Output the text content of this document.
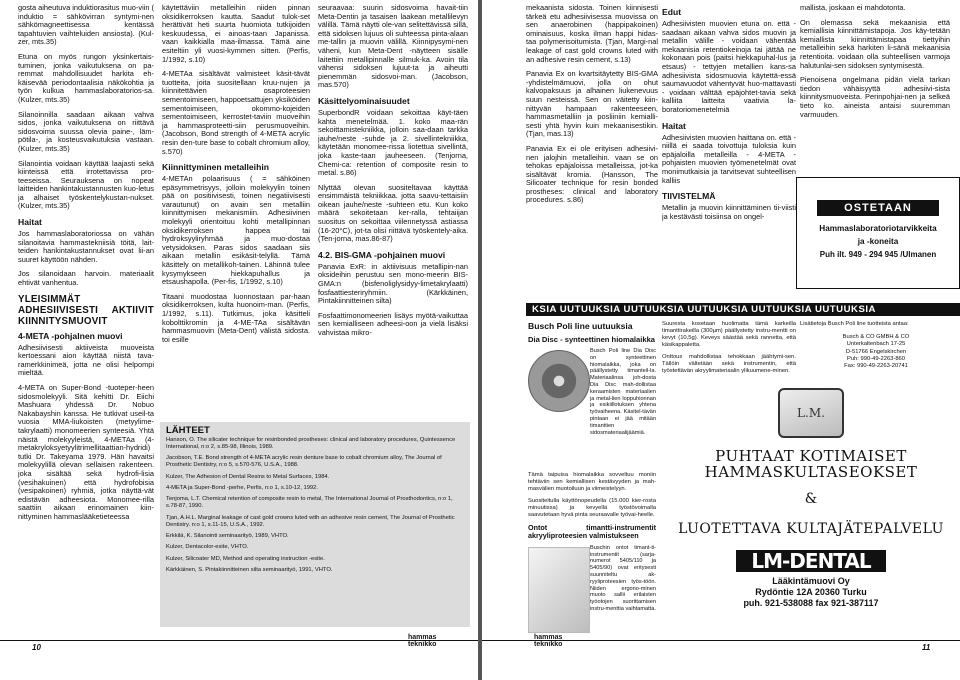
gosta aiheutuva induktiorasitus muo-viin ( induktio = sähkövirran syntymi-nen sähkömagneettisessa kentässä tapahtuvien vaihteluiden ansiosta). (Kul-zer, mts.35)

Etuna on myös rungon yksinkertais-tuminen, jonka vaikutuksena on pa-remmat mahdollisuudet harkita eh-käisevää periodontaalisia näkökohtia ja työn kulkua hammaslaboratorios-sa. (Kulzer, mts.35)

Silanoinnilla saadaan aikaan vahva sidos, jonka vaikutuksena on riittävä sidosvoima suussa olevia paine-, läm-pötila-, ja kosteusvaikutuksia vastaan. (Kulzer, mts.35)

Silanointia voidaan käyttää laajasti sekä kiinteissä että irrotettavissa pro-teeseissa. Seurauksena on nopeat laitteiden hankintakustannusten kuo-letus ja alhaiset työskentelykustan-nukset. (Kulzer, mts.35)

Haitat

Jos hammaslaboratoriossa on vähän silanoitavia hammastekniisiä töitä, lait-teiden hankintakustannukset ovat lii-an suuret käyttöön nähden.

Jos silanoidaan harvoin. materiaalit ehtivät vanhentua.

YLEISIMMÄT ADHESIIVISESTI AKTIIVIT KIINNITYSMUOVIT
4-META -pohjalnen muovi

Adhesiivisesti aktiiveista muoveista kertoessani aion käyttää niistä tava-ramerkkinimeä, jotta ne olisi helpompi mieltää.

4-META on Super-Bond -tuoteper-heen sidosmolekyyli. Sitä kehitti Dr. Eiichi Mashuara yhdessä Dr. Nobuo Nakabayshin kanssa. He tutkivat useil-ta vuosia MMA-liukoisten (metyylime-takrylaatti) monomeerien synteesiä. Yhtä näistä molekyyleistä, 4-METAa (4-metakryloksyetyylitrimellitaattian-hydridi) tutki Dr. Takeyama 1979. Hän havaitsi molekyylillä olevan sellaisen rakenteen. joka sisältää sekä hydrofi-lisia (vesihakuinen) että hydrofobisia (vesipakoinen) ryhmiä, jotka näyttä-vät edistävän adheesiota. Monomee-rilla saattiin aikaan erinomainen kiin-nittyminen hammaslääketieteessa

käytettäviin metalleihin niiden pinnan oksidikerroksen kautta. Saadut tulok-set herättivät heti suurta huomiota tutkijoiden keskuudessa, ei ainoas-taan Japanissa. vaan kaikkialla maa-ilmassa. Tämä aine esiteltiin yli vuosi-kymmen sitten. (Perfis, 1/1992, s.10)

4-METAa sisältävät valmisteet käsit-tävät tuotteita, joita suositellaan kruu-nujen ja kiinnitettävien osaproteesien sementoimiseen, happoetsattujen yksiköiden sementoimiseen, okommo-kojeiden sementoimiseen, kerrostet-taviin muoveihin ja hammasproteetti-siin perusmuoveihin. (Jacobson, Bond strength of 4-META acrylic resin den-ture base to cobalt chromium alloy, s.570)

Kiinnittyminen metalleihin

4-METAn polaarisuus ( = sähköinen epäsymmetrisyys, jolloin molekyylin toinen pää on positiivisesti, toinen negatiivisesti varautunut) on avain sen metalliin kiinnittymisen mekanismiin. Adhesiivinen molekyyli orientoituu kohti metallipinnan oksidikerroksen happea tai hydroksyyliryhmää ja muo-dostaa vetysidoksen. Paras sidos saadaan siis aikaan metallin esikäsit-telyllä. Tämä käsittely on metallikoh-tainen. Lähinnä tulee kysymykseen hiekkapuhallus ja etsaushapolla. (Per-fis, 1/1992, s.10)

Titaani muodostaa luonnostaan par-haan oksidikerroksen, kulta huonoim-man. (Perfis, 1/1992, s.11). Tutkimus, joka käsitteli kobolttikromin ja 4-ME-TAa sisältävän hammasmuovin (Meta-Dent) välistä sidosta. toi esille

seuraavaa: suurin sidosvoima havait-tiin Meta-Dentin ja tasaisen laakean metallilevyn välillä. Tämä näytti ole-van selitettävissä sillä, että sidoksen lujuus oli suhteessa pinta-alaan me-tallin ja muovin välillä. Kiinnipysymi-nen väheni, kun Meta-Dent -näytteen sisälle laitettiin metallipinnalle silmuk-ka. Avoin tila vähensi sidoksen lujuut-ta ja aiheutti pienemmän sidosvoi-man. (Jacobson, mas.570)

Käsittelyominaisuudet

SuperbondR voidaan sekoittaa käyt-täen kahta menetelmää. 1. koko maa-rän sekoittamistekniikka, jolloin saa-daan tarkka jauhe/neste -suhde ja 2. sivellintekniikka, käytetään monomee-rissa liotettua sivellintä, joka kaste-taan jauheeseen. (Tenjorna, Chemi-ca: retention of composite resin to metal. s.86)

Nlyttää olevan suositeltavaa käyttää ensimmäistä tekniikkaa. jotta saavu-tettaisiin oikean jauhe/neste -suhteen etu. Kun koko määrä sekoitetaan ker-ralla, tehtaiijan suositus on sekoittaa viilennetyssä astiassa (16-20°C), jot-ta olisi riittävä työskentely-aika. (Ten-jorna, mas.86-87)

4.2. BIS-GMA -pohjainen muovi

Panavia ExR: in aktiivisuus metallipin-nan oksideihin perustuu sen mono-meerin BIS-GMA:n (bisfenoliglysidyy-limetakrylaatti) fosfaattiesteriryhmiin. (Kärkkäinen, Pintakiinnitteinen silta)

Fosfaattimonomeerien lisäys myötä-vaikuttaa sen kemialliseen adheesi-oon ja vielä lisäksi vahvistaa mikro-

LÄHTEET
Hanson, O. The silicater technique for resinbonded prostheses: clinical and laboratory procedures, Quintessence International, n:o 2, s.85-98, Illinois, 1989.
Jacobson, T.E. Bond strength of 4-META acrylic resin denture base to cobalt chromium alloy, The Journal of Prosthetic Dentistry, n:o 5, s.570-576, U.S.A., 1988.
Kulzer, The Adhesion of Dental Resins to Metal Surfaces, 1984.
4-META ja Super-Bond -perhe, Perfis, n:o 1, s.10-12, 1992.
Tenjoma, L.T. Chemical retention of composite resin to metal, The International Journal of Prosthodontics, n:o 1, s.78-87, 1990.
Tjan, A.H.L. Marginal leakage of cast gold crowns luted with an adhesive resin cement, The Journal of Prosthetic Dentistry. n:o 1, s.11-15, U.S.A., 1992.
Erkkilä, K. Silanointi seminaarityö, 1989, VHTO.
Kulzer, Dentacolor-esite, VHTO.
Kulzer, Silicoater MD, Method and operating instruction -esite.
Kärkkäinen, S. Pintakiinnitteinen silta seminaarityö, 1991, VHTO.
10
hammas
teknikko

mekaanista sidosta. Toinen kiinnisesti tärkeä etu adhesiivisessa muovissa on sen anaerobinen (happipakoinen) ominaisuus, koska ilman happi hidas-taa polymerisoitumista. (Tjan, Margi-nal leakage of cast gold crowns luted with an adhesive resin cement, s.13)

Panavia Ex on kvartsitäytetty BIS-GMA -yhdistelmämuovi, jolla on ohut kalvopaksuus ja alhainen liukenevuus suun nesteissä. Sen on väitetty kiin-nittyvän hampaan rakenteeseen, hammasmetalliin ja posliiniin kemialli-sesti yhtä hyvin kuin mekaanisestikin. (Tjan, mas.13)

Panavia Ex ei ole erityisen adhesiivi-nen jalojhin metalleihin. vaan se on tehokas epäjaloissa metalleissa, jot-ka sisältävät kromia. (Hansson, The Silicoater technique for resin bonded prostheses: clinical and laboratory procedures. s.86)

Edut

Adhesiivisten muovien etuna on. että - saadaan aikaan vahva sidos muovin ja metallin välille - voidaan vähentää mekaanisia retentiokeinoja tai jättää ne kokonaan pois (paitsi hiekkapuhal-lus ja etsaus) - tettyjen metallien kans-sa adhesiivista sidosmuovia käytettä-essä saumavuodot vähentyvät huo-mattavasti - voidaan välttää epäjohtet-tavia sekä kalliita laitteita vaativia la-boratoriomenetelmiä

Haitat

Adhesiivisten muovien haittana on. että - niillä ei saada toivottuja tuloksia kuin epäjaloilla metalleilla - 4-META -pohjaisten muovien työmenetelmät ovat monimutkaisia ja tarvitsevat suhteellisen kalliis

TIIVISTELMÄ

Metallin ja muovin kiinnittäminen tii-viisti ja kestävästi toisiinsa on ongel-

mallista, joskaan ei mahdotonta.

On olemassa sekä mekaanisia että kemiallisia kiinnittämistapoja. Jos käy-tetään kemiallista kiinnittämistapaa tiettyihin metalleihin sekä harkiten li-sänä mekaanisia retentioita. voidaan olla suhteellisen varmoja halutunlai-sen sidoksen syntymisestä.

Pienoisena ongelmana pidän vielä tarkan tiedon vähäisyyttä adhesiivi-sista kiinnitysmuoveista. Perinpohjai-nen ja selkeä tieto ko. aineista antaisi suuremman varmuuden.

OSTETAAN
Hammaslaboratoriotarvikkeita
ja -koneita
Puh ilt. 949 - 294 945 /Ulmanen
KSIA UUTUUKSIA UUTUUKSIA UUTUUKSIA UUTUUKSIA UUTUUKSIA
Busch Poli line uutuuksia
Dia Disc - synteettinen hiomalaikka
Busch Poli line Dia Disc on synteettinen hiomalaikka, joka on päällystetty timanteil-la. Materiaalinsa joh-dosta Dia Disc mah-dollistaa keraamisten materiaalien ja metal-lien loppuhionnan ja esikiillotuksen yhtena työvaiheena. Käsitel-tävän pintaan ei jää mitään timanttien sidosmateriaalijäämiä.
Tämä taipuisa hiomalaikka sovveltuu moniin tehtäviin sen kemiallisen kestävyyden ja mah-masvälien muotoiluun ja viimeistelyyn.
Suositeltulla käyttönopeudella (15.000 kier-rosta minuutissa) ja kevyellä työstövoimalla saavutetaan hyvä pinta seuraavalle työvai-heelle.
Ontot timantti-instrumentit akryyliproteesien valmistukseen
Buschin ontot timant-ti-instrumentit (sarja-numerot 5405/110 ja 5405/90) ovat eritysesti suunniteltu ak-ryyliproteesien työs-töön. Niiden ergono-minen muoto sallii erilaisten työotojen suorittamisen instru-menttia vaihtamatta.

Suuresta kosetaan huolimatta tämä karkeilla timanttirakeilla (300µm) päällystetty instru-mentti on kevyt (10,5g). Keveys säästää sekä rannetta, että käsikappaletta.

Onttous mahdollistaa tehokkaan jäähtymi-sen. Tällöin vältetään sekä instrumentin, että työstettävän akryylimateriaalin ylikuumene-minen.

Lisätietoja Busch Poli line tuotteista antaa:
Busch & CO GMBH & CO
Unterkaltenbach 17-25
D-51766 Engelskirchen
Puh: 990-49-2263-860
Fax: 990-49-2263-20741
L.M.
PUHTAAT KOTIMAISET
HAMMASKULTASEOKSET
&
LUOTETTAVA KULTAJÄTEPALVELU
LM-DENTAL
Lääkintämuovi Oy
Rydöntie 12A 20360 Turku
puh. 921-538088 fax 921-387117
hammas
teknikko	11
